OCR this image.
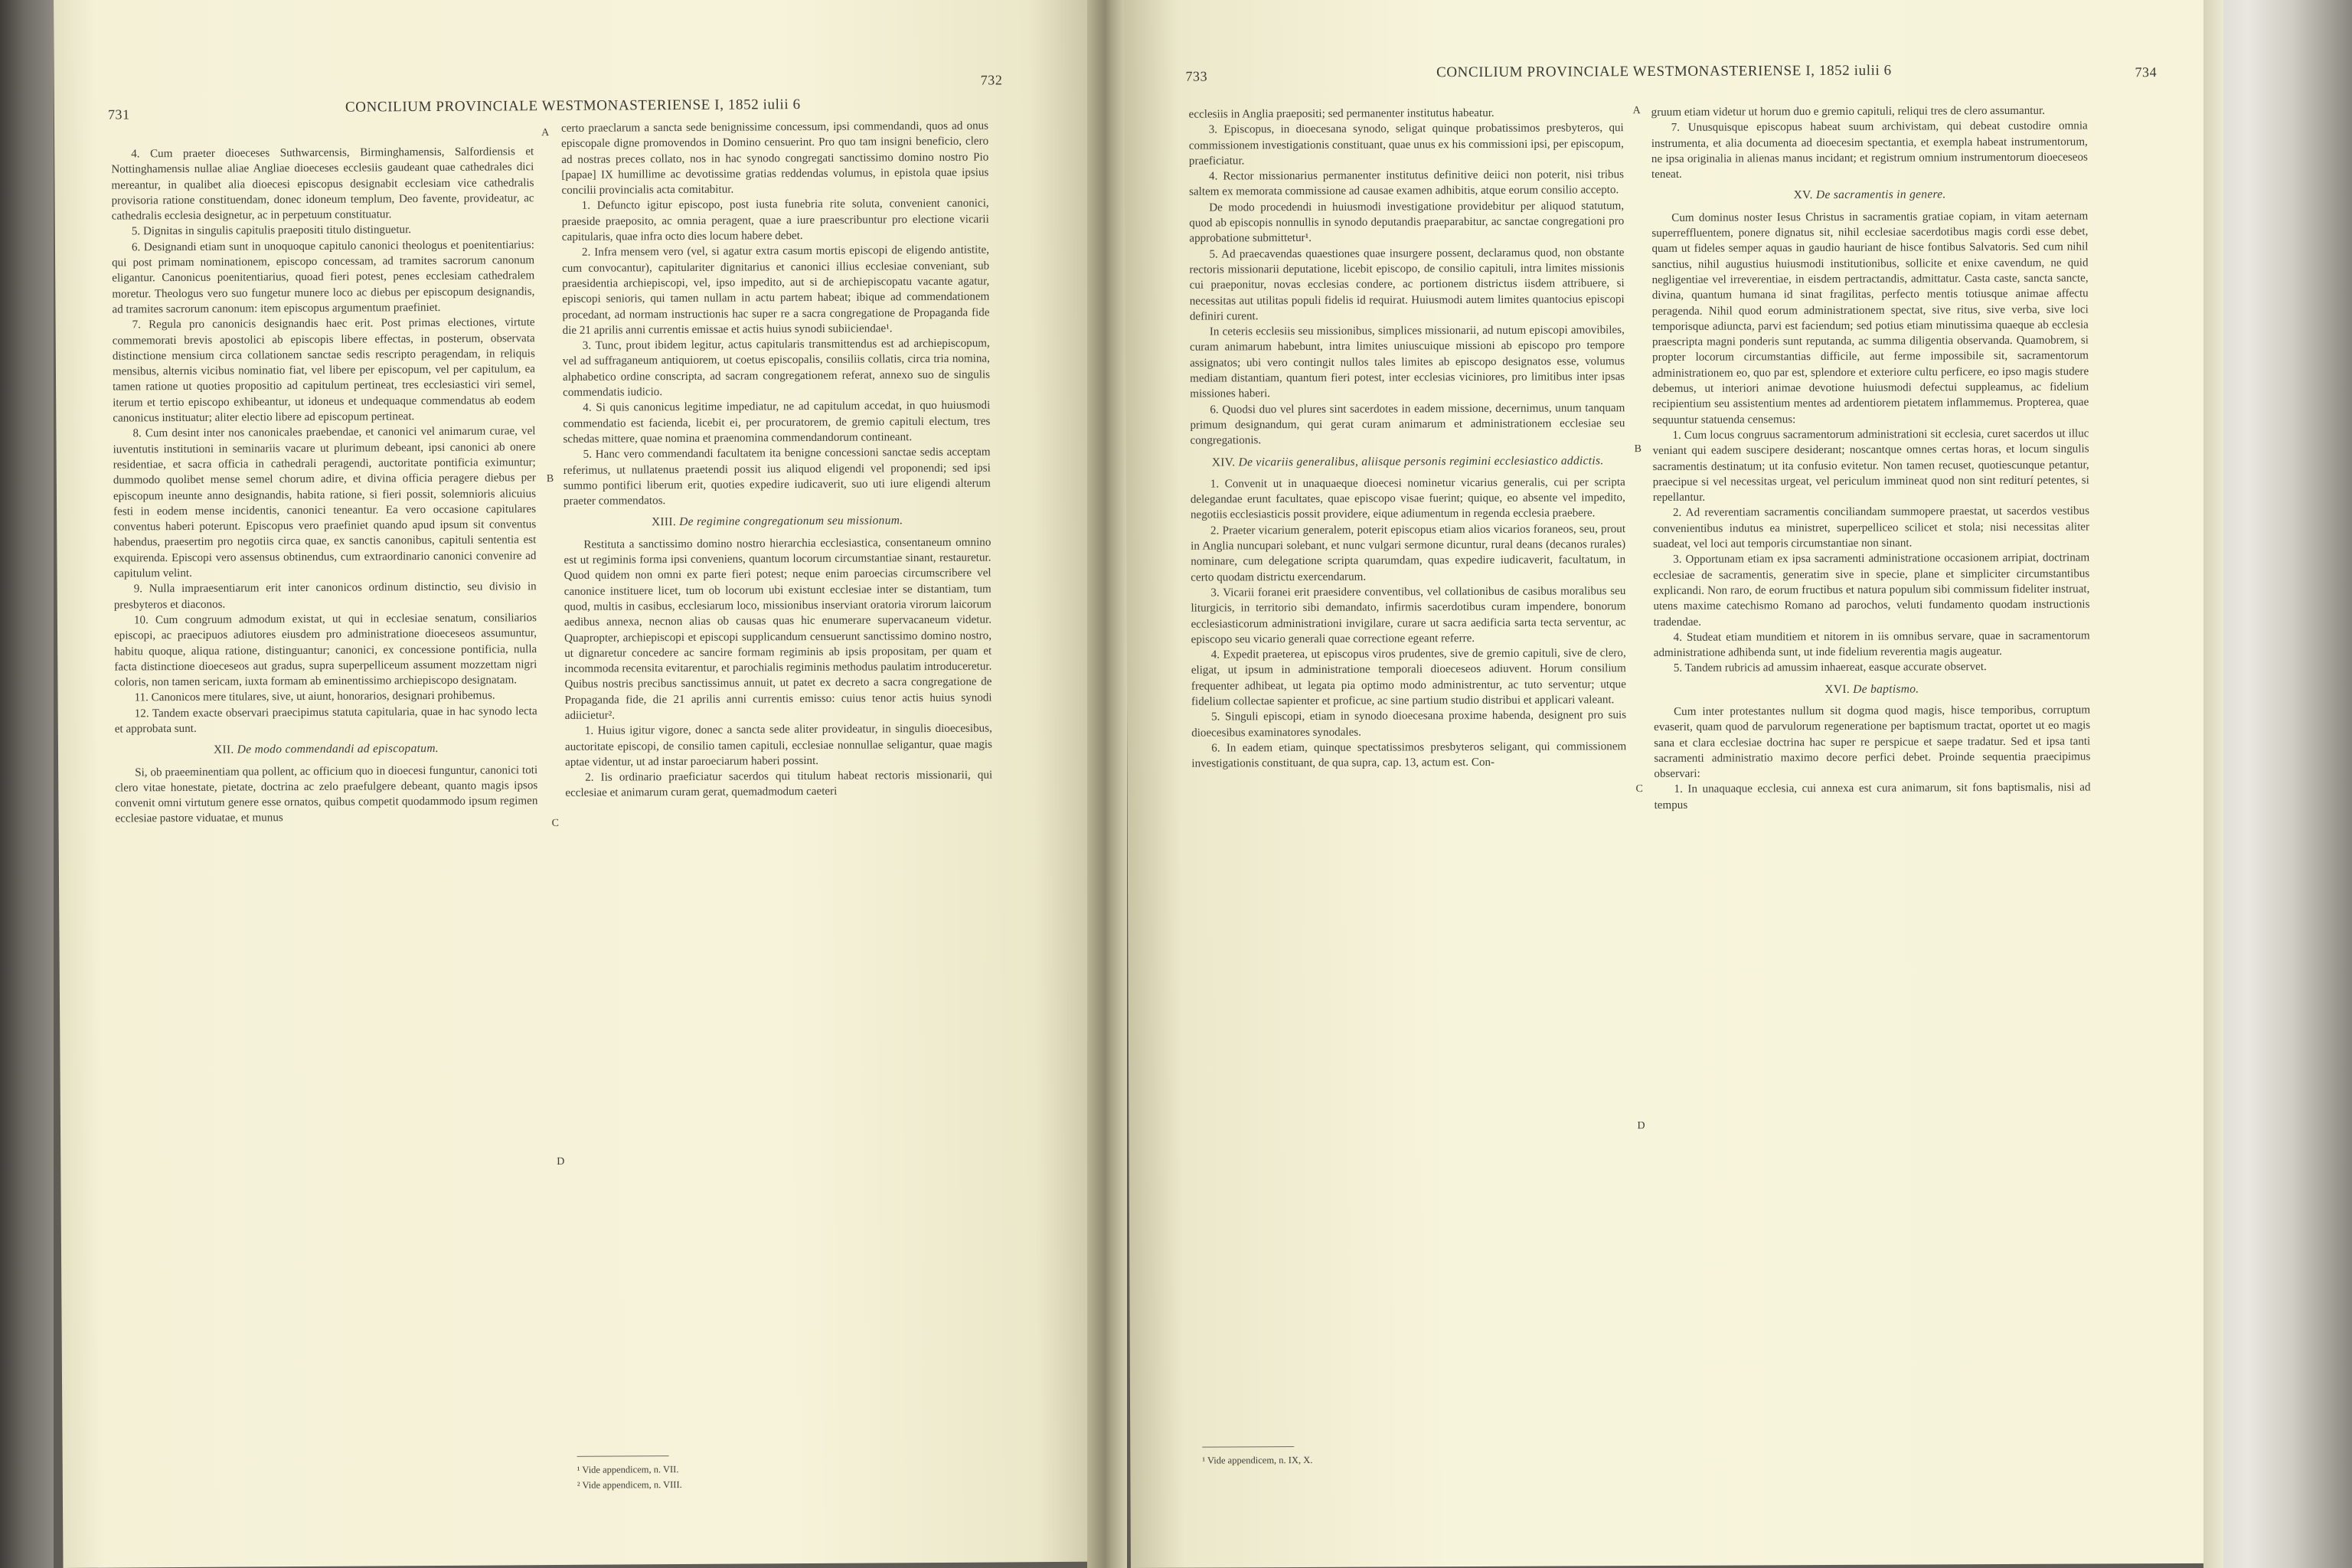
731	CONCILIUM PROVINCIALE WESTMONASTERIENSE I, 1852 iulii 6
732

4. Cum praeter dioeceses Suthwarcensis, Birminghamensis, Salfordiensis et Nottinghamensis nullae aliae Angliae dioeceses ecclesiis gaudeant quae cathedrales dici mereantur, in qualibet alia dioecesi episcopus designabit ecclesiam vice cathedralis provisoria ratione constituendam, donec idoneum templum, Deo favente, provideatur, ac cathedralis ecclesia designetur, ac in perpetuum constituatur.

5. Dignitas in singulis capitulis praepositi titulo distinguetur.

6. Designandi etiam sunt in unoquoque capitulo canonici theologus et poenitentiarius: qui post primam nominationem, episcopo concessam, ad tramites sacrorum canonum eligantur. Canonicus poenitentiarius, quoad fieri potest, penes ecclesiam cathedralem moretur. Theologus vero suo fungetur munere loco ac diebus per episcopum designandis, ad tramites sacrorum canonum: item episcopus argumentum praefiniet.

7. Regula pro canonicis designandis haec erit. Post primas electiones, virtute commemorati brevis apostolici ab episcopis libere effectas, in posterum, observata distinctione mensium circa collationem sanctae sedis rescripto peragendam, in reliquis mensibus, alternis vicibus nominatio fiat, vel libere per episcopum, vel per capitulum, ea tamen ratione ut quoties propositio ad capitulum pertineat, tres ecclesiastici viri semel, iterum et tertio episcopo exhibeantur, ut idoneus et undequaque commendatus ab eodem canonicus instituatur; aliter electio libere ad episcopum pertineat.

8. Cum desint inter nos canonicales praebendae, et canonici vel animarum curae, vel iuventutis institutioni in seminariis vacare ut plurimum debeant, ipsi canonici ab onere residentiae, et sacra officia in cathedrali peragendi, auctoritate pontificia eximuntur; dummodo quolibet mense semel chorum adire, et divina officia peragere diebus per episcopum ineunte anno designandis, habita ratione, si fieri possit, solemnioris alicuius festi in eodem mense incidentis, canonici teneantur. Ea vero occasione capitulares conventus haberi poterunt. Episcopus vero praefiniet quando apud ipsum sit conventus habendus, praesertim pro negotiis circa quae, ex sanctis canonibus, capituli sententia est exquirenda. Episcopi vero assensus obtinendus, cum extraordinario canonici convenire ad capitulum velint.

9. Nulla impraesentiarum erit inter canonicos ordinum distinctio, seu divisio in presbyteros et diaconos.

10. Cum congruum admodum existat, ut qui in ecclesiae senatum, consiliarios episcopi, ac praecipuos adiutores eiusdem pro administratione dioeceseos assumuntur, habitu quoque, aliqua ratione, distinguantur; canonici, ex concessione pontificia, nulla facta distinctione dioeceseos aut gradus, supra superpelliceum assument mozzettam nigri coloris, non tamen sericam, iuxta formam ab eminentissimo archiepiscopo designatam.

11. Canonicos mere titulares, sive, ut aiunt, honorarios, designari prohibemus.

12. Tandem exacte observari praecipimus statuta capitularia, quae in hac synodo lecta et approbata sunt.

XII. De modo commendandi ad episcopatum.

Si, ob praeeminentiam qua pollent, ac officium quo in dioecesi funguntur, canonici toti clero vitae honestate, pietate, doctrina ac zelo praefulgere debeant, quanto magis ipsos convenit omni virtutum genere esse ornatos, quibus competit quodammodo ipsum regimen ecclesiae pastore viduatae, et munus

certo praeclarum a sancta sede benignissime concessum, ipsi commendandi, quos ad onus episcopale digne promovendos in Domino censuerint. Pro quo tam insigni beneficio, clero ad nostras preces collato, nos in hac synodo congregati sanctissimo domino nostro Pio [papae] IX humillime ac devotissime gratias reddendas volumus, in epistola quae ipsius concilii provincialis acta comitabitur.

1. Defuncto igitur episcopo, post iusta funebria rite soluta, convenient canonici, praeside praeposito, ac omnia peragent, quae a iure praescribuntur pro electione vicarii capitularis, quae infra octo dies locum habere debet.

2. Infra mensem vero (vel, si agatur extra casum mortis episcopi de eligendo antistite, cum convocantur), capitulariter dignitarius et canonici illius ecclesiae conveniant, sub praesidentia archiepiscopi, vel, ipso impedito, aut si de archiepiscopatu vacante agatur, episcopi senioris, qui tamen nullam in actu partem habeat; ibique ad commendationem procedant, ad normam instructionis hac super re a sacra congregatione de Propaganda fide die 21 aprilis anni currentis emissae et actis huius synodi subiiciendae¹.

3. Tunc, prout ibidem legitur, actus capitularis transmittendus est ad archiepiscopum, vel ad suffraganeum antiquiorem, ut coetus episcopalis, consiliis collatis, circa tria nomina, alphabetico ordine conscripta, ad sacram congregationem referat, annexo suo de singulis commendatis iudicio.

4. Si quis canonicus legitime impediatur, ne ad capitulum accedat, in quo huiusmodi commendatio est facienda, licebit ei, per procuratorem, de gremio capituli electum, tres schedas mittere, quae nomina et praenomina commendandorum contineant.

5. Hanc vero commendandi facultatem ita benigne concessioni sanctae sedis acceptam referimus, ut nullatenus praetendi possit ius aliquod eligendi vel proponendi; sed ipsi summo pontifici liberum erit, quoties expedire iudicaverit, suo uti iure eligendi alterum praeter commendatos.

XIII. De regimine congregationum seu missionum.

Restituta a sanctissimo domino nostro hierarchia ecclesiastica, consentaneum omnino est ut regiminis forma ipsi conveniens, quantum locorum circumstantiae sinant, restauretur. Quod quidem non omni ex parte fieri potest; neque enim paroecias circumscribere vel canonice instituere licet, tum ob locorum ubi existunt ecclesiae inter se distantiam, tum quod, multis in casibus, ecclesiarum loco, missionibus inserviant oratoria virorum laicorum aedibus annexa, necnon alias ob causas quas hic enumerare supervacaneum videtur. Quapropter, archiepiscopi et episcopi supplicandum censuerunt sanctissimo domino nostro, ut dignaretur concedere ac sancire formam regiminis ab ipsis propositam, per quam et incommoda recensita evitarentur, et parochialis regiminis methodus paulatim introduceretur. Quibus nostris precibus sanctissimus annuit, ut patet ex decreto a sacra congregatione de Propaganda fide, die 21 aprilis anni currentis emisso: cuius tenor actis huius synodi adiicietur².

1. Huius igitur vigore, donec a sancta sede aliter provideatur, in singulis dioecesibus, auctoritate episcopi, de consilio tamen capituli, ecclesiae nonnullae seligantur, quae magis aptae videntur, ut ad instar paroeciarum haberi possint.

2. Iis ordinario praeficiatur sacerdos qui titulum habeat rectoris missionarii, qui ecclesiae et animarum curam gerat, quemadmodum caeteri

A
B
C
D
¹ Vide appendicem, n. VII.
² Vide appendicem, n. VIII.
733	CONCILIUM PROVINCIALE WESTMONASTERIENSE I, 1852 iulii 6	734

ecclesiis in Anglia praepositi; sed permanenter institutus habeatur.

3. Episcopus, in dioecesana synodo, seligat quinque probatissimos presbyteros, qui commissionem investigationis constituant, quae unus ex his commissioni ipsi, per episcopum, praeficiatur.

4. Rector missionarius permanenter institutus definitive deiici non poterit, nisi tribus saltem ex memorata commissione ad causae examen adhibitis, atque eorum consilio accepto.

De modo procedendi in huiusmodi investigatione providebitur per aliquod statutum, quod ab episcopis nonnullis in synodo deputandis praeparabitur, ac sanctae congregationi pro approbatione submittetur¹.

5. Ad praecavendas quaestiones quae insurgere possent, declaramus quod, non obstante rectoris missionarii deputatione, licebit episcopo, de consilio capituli, intra limites missionis cui praeponitur, novas ecclesias condere, ac portionem districtus iisdem attribuere, si necessitas aut utilitas populi fidelis id requirat. Huiusmodi autem limites quantocius episcopi definiri curent.

In ceteris ecclesiis seu missionibus, simplices missionarii, ad nutum episcopi amovibiles, curam animarum habebunt, intra limites uniuscuique missioni ab episcopo pro tempore assignatos; ubi vero contingit nullos tales limites ab episcopo designatos esse, volumus mediam distantiam, quantum fieri potest, inter ecclesias viciniores, pro limitibus inter ipsas missiones haberi.

6. Quodsi duo vel plures sint sacerdotes in eadem missione, decernimus, unum tanquam primum designandum, qui gerat curam animarum et administrationem ecclesiae seu congregationis.

XIV. De vicariis generalibus, aliisque personis regimini ecclesiastico addictis.

1. Convenit ut in unaquaeque dioecesi nominetur vicarius generalis, cui per scripta delegandae erunt facultates, quae episcopo visae fuerint; quique, eo absente vel impedito, negotiis ecclesiasticis possit providere, eique adiumentum in regenda ecclesia praebere.

2. Praeter vicarium generalem, poterit episcopus etiam alios vicarios foraneos, seu, prout in Anglia nuncupari solebant, et nunc vulgari sermone dicuntur, rural deans (decanos rurales) nominare, cum delegatione scripta quarumdam, quas expedire iudicaverit, facultatum, in certo quodam districtu exercendarum.

3. Vicarii foranei erit praesidere conventibus, vel collationibus de casibus moralibus seu liturgicis, in territorio sibi demandato, infirmis sacerdotibus curam impendere, bonorum ecclesiasticorum administrationi invigilare, curare ut sacra aedificia sarta tecta serventur, ac episcopo seu vicario generali quae correctione egeant referre.

4. Expedit praeterea, ut episcopus viros prudentes, sive de gremio capituli, sive de clero, eligat, ut ipsum in administratione temporali dioeceseos adiuvent. Horum consilium frequenter adhibeat, ut legata pia optimo modo administrentur, ac tuto serventur; utque fidelium collectae sapienter et proficue, ac sine partium studio distribui et applicari valeant.

5. Singuli episcopi, etiam in synodo dioecesana proxime habenda, designent pro suis dioecesibus examinatores synodales.

6. In eadem etiam, quinque spectatissimos presbyteros seligant, qui commissionem investigationis constituant, de qua supra, cap. 13, actum est. Con-

gruum etiam videtur ut horum duo e gremio capituli, reliqui tres de clero assumantur.

7. Unusquisque episcopus habeat suum archivistam, qui debeat custodire omnia instrumenta, et alia documenta ad dioecesim spectantia, et exempla habeat instrumentorum, ne ipsa originalia in alienas manus incidant; et registrum omnium instrumentorum dioeceseos teneat.

XV. De sacramentis in genere.

Cum dominus noster Iesus Christus in sacramentis gratiae copiam, in vitam aeternam superreffluentem, ponere dignatus sit, nihil ecclesiae sacerdotibus magis cordi esse debet, quam ut fideles semper aquas in gaudio hauriant de hisce fontibus Salvatoris. Sed cum nihil sanctius, nihil augustius huiusmodi institutionibus, sollicite et enixe cavendum, ne quid negligentiae vel irreverentiae, in eisdem pertractandis, admittatur. Casta caste, sancta sancte, divina, quantum humana id sinat fragilitas, perfecto mentis totiusque animae affectu peragenda. Nihil quod eorum administrationem spectat, sive ritus, sive verba, sive loci temporisque adiuncta, parvi est faciendum; sed potius etiam minutissima quaeque ab ecclesia praescripta magni ponderis sunt reputanda, ac summa diligentia observanda. Quamobrem, si propter locorum circumstantias difficile, aut ferme impossibile sit, sacramentorum administrationem eo, quo par est, splendore et exteriore cultu perficere, eo ipso magis studere debemus, ut interiori animae devotione huiusmodi defectui suppleamus, ac fidelium recipientium seu assistentium mentes ad ardentiorem pietatem inflammemus. Propterea, quae sequuntur statuenda censemus:

1. Cum locus congruus sacramentorum administrationi sit ecclesia, curet sacerdos ut illuc veniant qui eadem suscipere desiderant; noscantque omnes certas horas, et locum singulis sacramentis destinatum; ut ita confusio evitetur. Non tamen recuset, quotiescunque petantur, praecipue si vel necessitas urgeat, vel periculum immineat quod non sint rediturí petentes, si repellantur.

2. Ad reverentiam sacramentis conciliandam summopere praestat, ut sacerdos vestibus convenientibus indutus ea ministret, superpelliceo scilicet et stola; nisi necessitas aliter suadeat, vel loci aut temporis circumstantiae non sinant.

3. Opportunam etiam ex ipsa sacramenti administratione occasionem arripiat, doctrinam ecclesiae de sacramentis, generatim sive in specie, plane et simpliciter circumstantibus explicandi. Non raro, de eorum fructibus et natura populum sibi commissum fideliter instruat, utens maxime catechismo Romano ad parochos, veluti fundamento quodam instructionis tradendae.

4. Studeat etiam munditiem et nitorem in iis omnibus servare, quae in sacramentorum administratione adhibenda sunt, ut inde fidelium reverentia magis augeatur.

5. Tandem rubricis ad amussim inhaereat, easque accurate observet.

XVI. De baptismo.

Cum inter protestantes nullum sit dogma quod magis, hisce temporibus, corruptum evaserit, quam quod de parvulorum regeneratione per baptismum tractat, oportet ut eo magis sana et clara ecclesiae doctrina hac super re perspicue et saepe tradatur. Sed et ipsa tanti sacramenti administratio maximo decore perfici debet. Proinde sequentia praecipimus observari:

1. In unaquaque ecclesia, cui annexa est cura animarum, sit fons baptismalis, nisi ad tempus

A
B
C
D
¹ Vide appendicem, n. IX, X.
